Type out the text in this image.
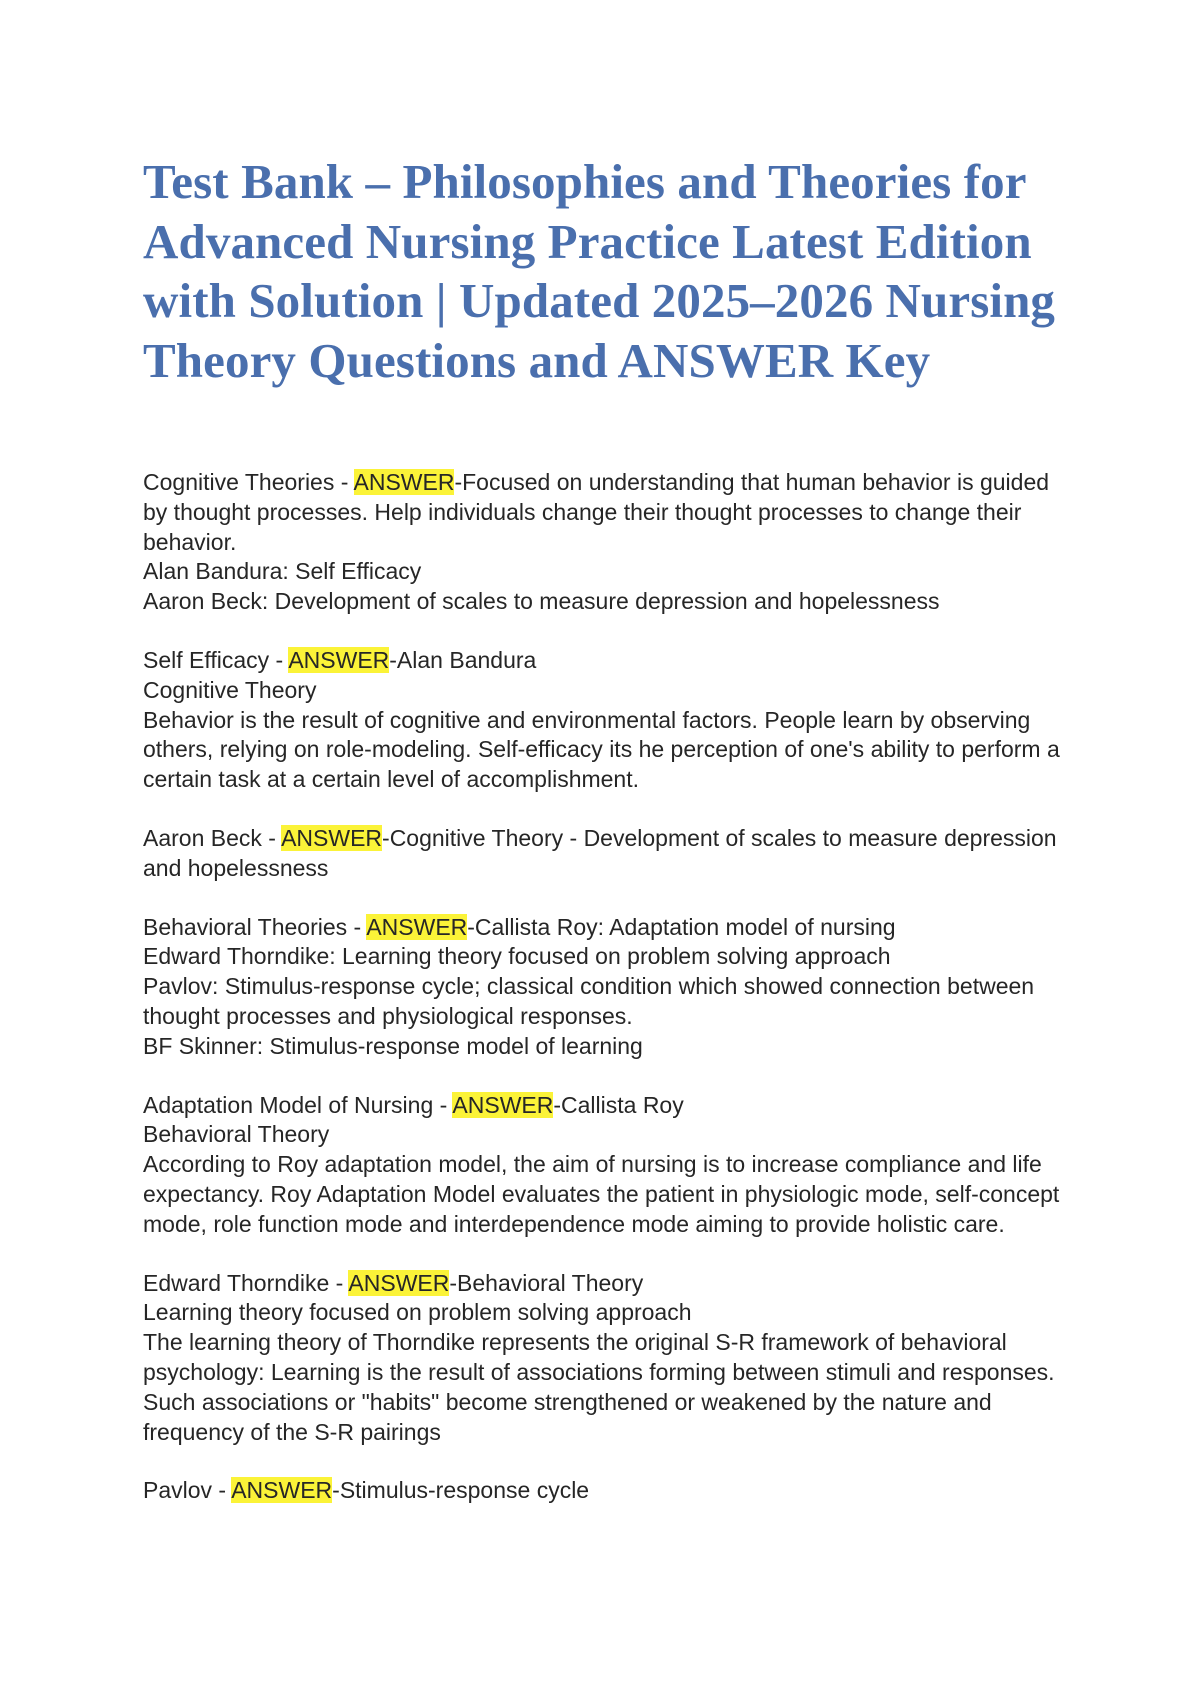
Test Bank – Philosophies and Theories for Advanced Nursing Practice Latest Edition with Solution | Updated 2025–2026 Nursing Theory Questions and ANSWER Key

Cognitive Theories - ANSWER-Focused on understanding that human behavior is guided by thought processes. Help individuals change their thought processes to change their behavior.

Alan Bandura: Self Efficacy

Aaron Beck: Development of scales to measure depression and hopelessness

Self Efficacy - ANSWER-Alan Bandura

Cognitive Theory

Behavior is the result of cognitive and environmental factors. People learn by observing others, relying on role-modeling. Self-efficacy its he perception of one's ability to perform a certain task at a certain level of accomplishment.

Aaron Beck - ANSWER-Cognitive Theory - Development of scales to measure depression and hopelessness

Behavioral Theories - ANSWER-Callista Roy: Adaptation model of nursing

Edward Thorndike: Learning theory focused on problem solving approach

Pavlov: Stimulus-response cycle; classical condition which showed connection between thought processes and physiological responses.

BF Skinner: Stimulus-response model of learning

Adaptation Model of Nursing - ANSWER-Callista Roy

Behavioral Theory

According to Roy adaptation model, the aim of nursing is to increase compliance and life expectancy. Roy Adaptation Model evaluates the patient in physiologic mode, self-concept mode, role function mode and interdependence mode aiming to provide holistic care.

Edward Thorndike - ANSWER-Behavioral Theory

Learning theory focused on problem solving approach

The learning theory of Thorndike represents the original S-R framework of behavioral psychology: Learning is the result of associations forming between stimuli and responses. Such associations or "habits" become strengthened or weakened by the nature and frequency of the S-R pairings

Pavlov - ANSWER-Stimulus-response cycle
